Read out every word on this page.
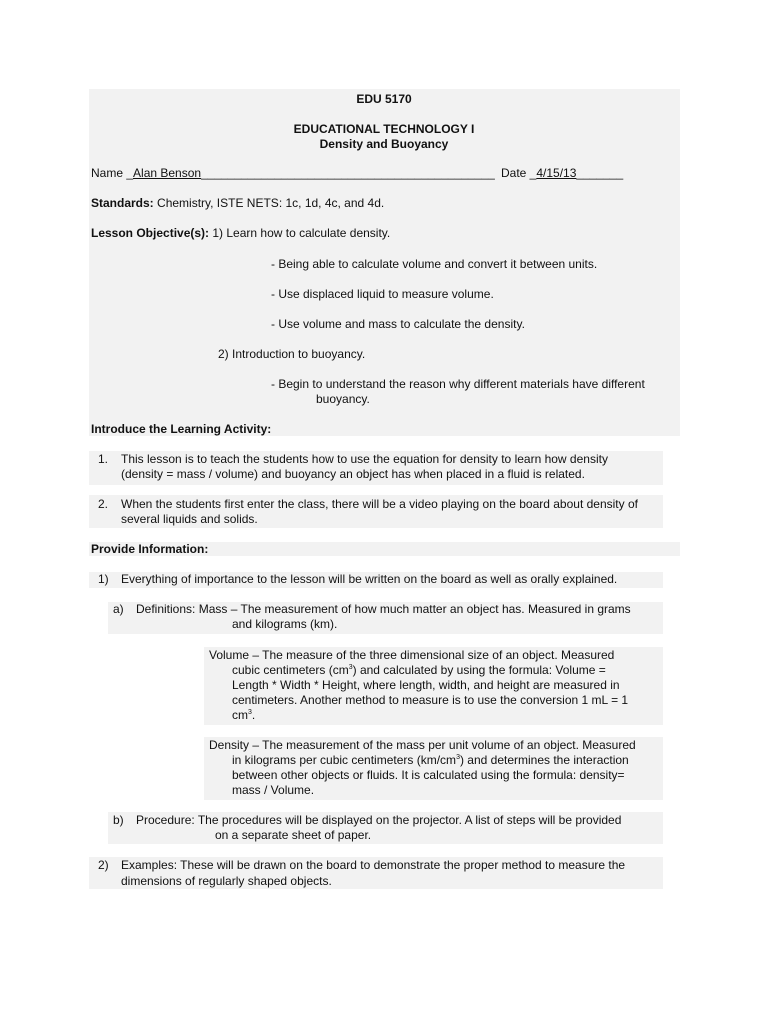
EDU 5170
EDUCATIONAL TECHNOLOGY I
Density and Buoyancy
Name _Alan Benson____________________________________________ Date _4/15/13_______
Standards: Chemistry, ISTE NETS: 1c, 1d, 4c, and 4d.
Lesson Objective(s): 1) Learn how to calculate density.
- Being able to calculate volume and convert it between units.
- Use displaced liquid to measure volume.
- Use volume and mass to calculate the density.
2) Introduction to buoyancy.
- Begin to understand the reason why different materials have different
buoyancy.
Introduce the Learning Activity:
1. This lesson is to teach the students how to use the equation for density to learn how density
(density = mass / volume) and buoyancy an object has when placed in a fluid is related.
2. When the students first enter the class, there will be a video playing on the board about density of
several liquids and solids.
Provide Information:
1) Everything of importance to the lesson will be written on the board as well as orally explained.
a) Definitions: Mass – The measurement of how much matter an object has. Measured in grams
and kilograms (km).
Volume – The measure of the three dimensional size of an object. Measured
cubic centimeters $(cm^3)$ and calculated by using the formula: Volume =
Length * Width * Height, where length, width, and height are measured in
centimeters. Another method to measure is to use the conversion 1 mL = 1
$cm^3$.
Density – The measurement of the mass per unit volume of an object. Measured
in kilograms per cubic centimeters $(km/cm^3)$ and determines the interaction
between other objects or fluids. It is calculated using the formula: density=
mass / Volume.
b) Procedure: The procedures will be displayed on the projector. A list of steps will be provided
on a separate sheet of paper.
2) Examples: These will be drawn on the board to demonstrate the proper method to measure the
dimensions of regularly shaped objects.
